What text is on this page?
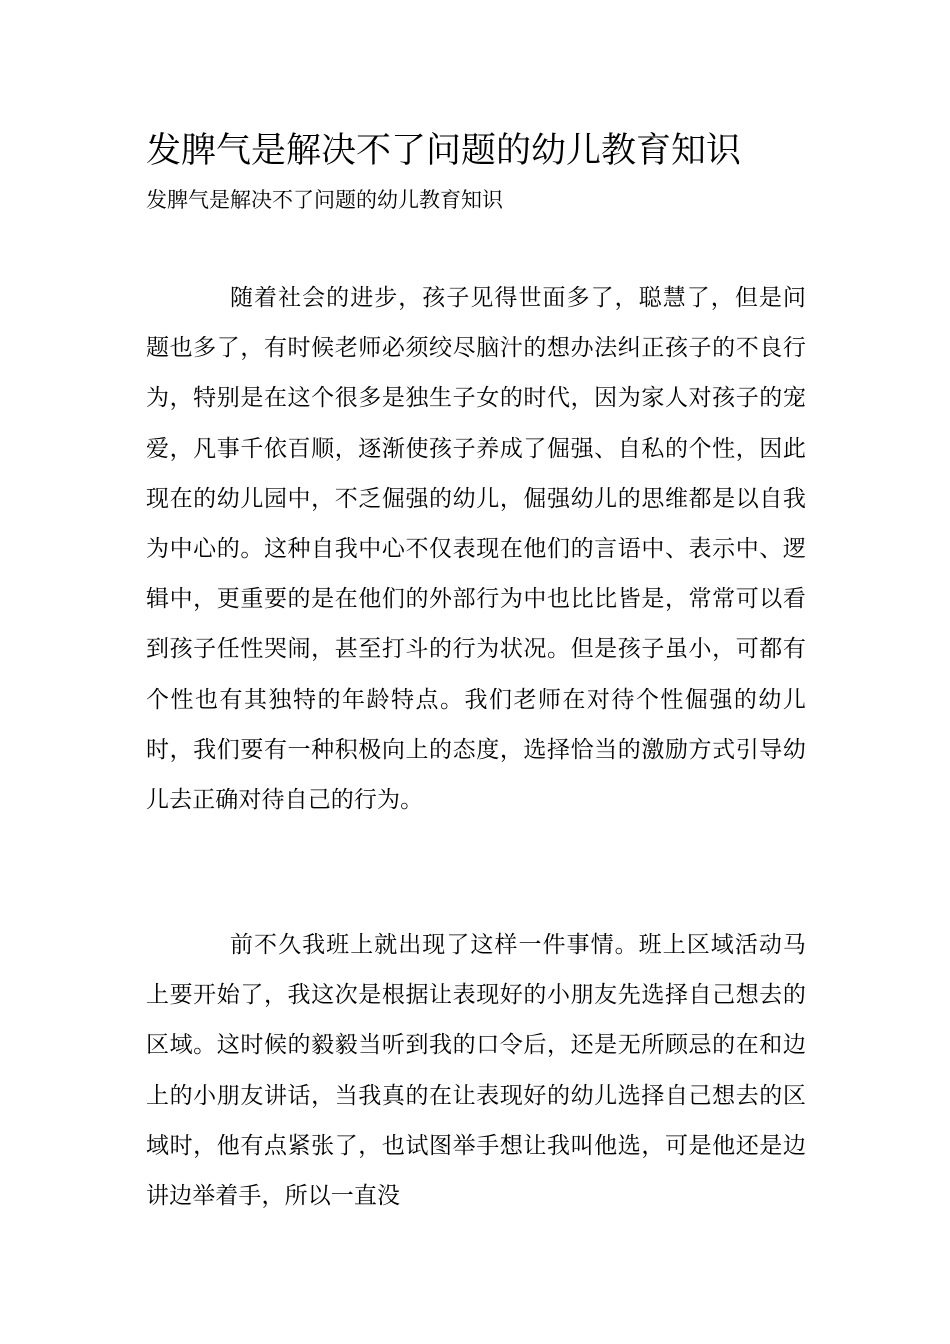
发脾气是解决不了问题的幼儿教育知识
发脾气是解决不了问题的幼儿教育知识

随着社会的进步，孩子见得世面多了，聪慧了，但是问题也多了，有时候老师必须绞尽脑汁的想办法纠正孩子的不良行为，特别是在这个很多是独生子女的时代，因为家人对孩子的宠爱，凡事千依百顺，逐渐使孩子养成了倔强、自私的个性，因此现在的幼儿园中，不乏倔强的幼儿，倔强幼儿的思维都是以自我为中心的。这种自我中心不仅表现在他们的言语中、表示中、逻辑中，更重要的是在他们的外部行为中也比比皆是，常常可以看到孩子任性哭闹，甚至打斗的行为状况。但是孩子虽小，可都有个性也有其独特的年龄特点。我们老师在对待个性倔强的幼儿时，我们要有一种积极向上的态度，选择恰当的激励方式引导幼儿去正确对待自己的行为。

前不久我班上就出现了这样一件事情。班上区域活动马上要开始了，我这次是根据让表现好的小朋友先选择自己想去的区域。这时候的毅毅当听到我的口令后，还是无所顾忌的在和边上的小朋友讲话，当我真的在让表现好的幼儿选择自己想去的区域时，他有点紧张了，也试图举手想让我叫他选，可是他还是边讲边举着手，所以一直没
